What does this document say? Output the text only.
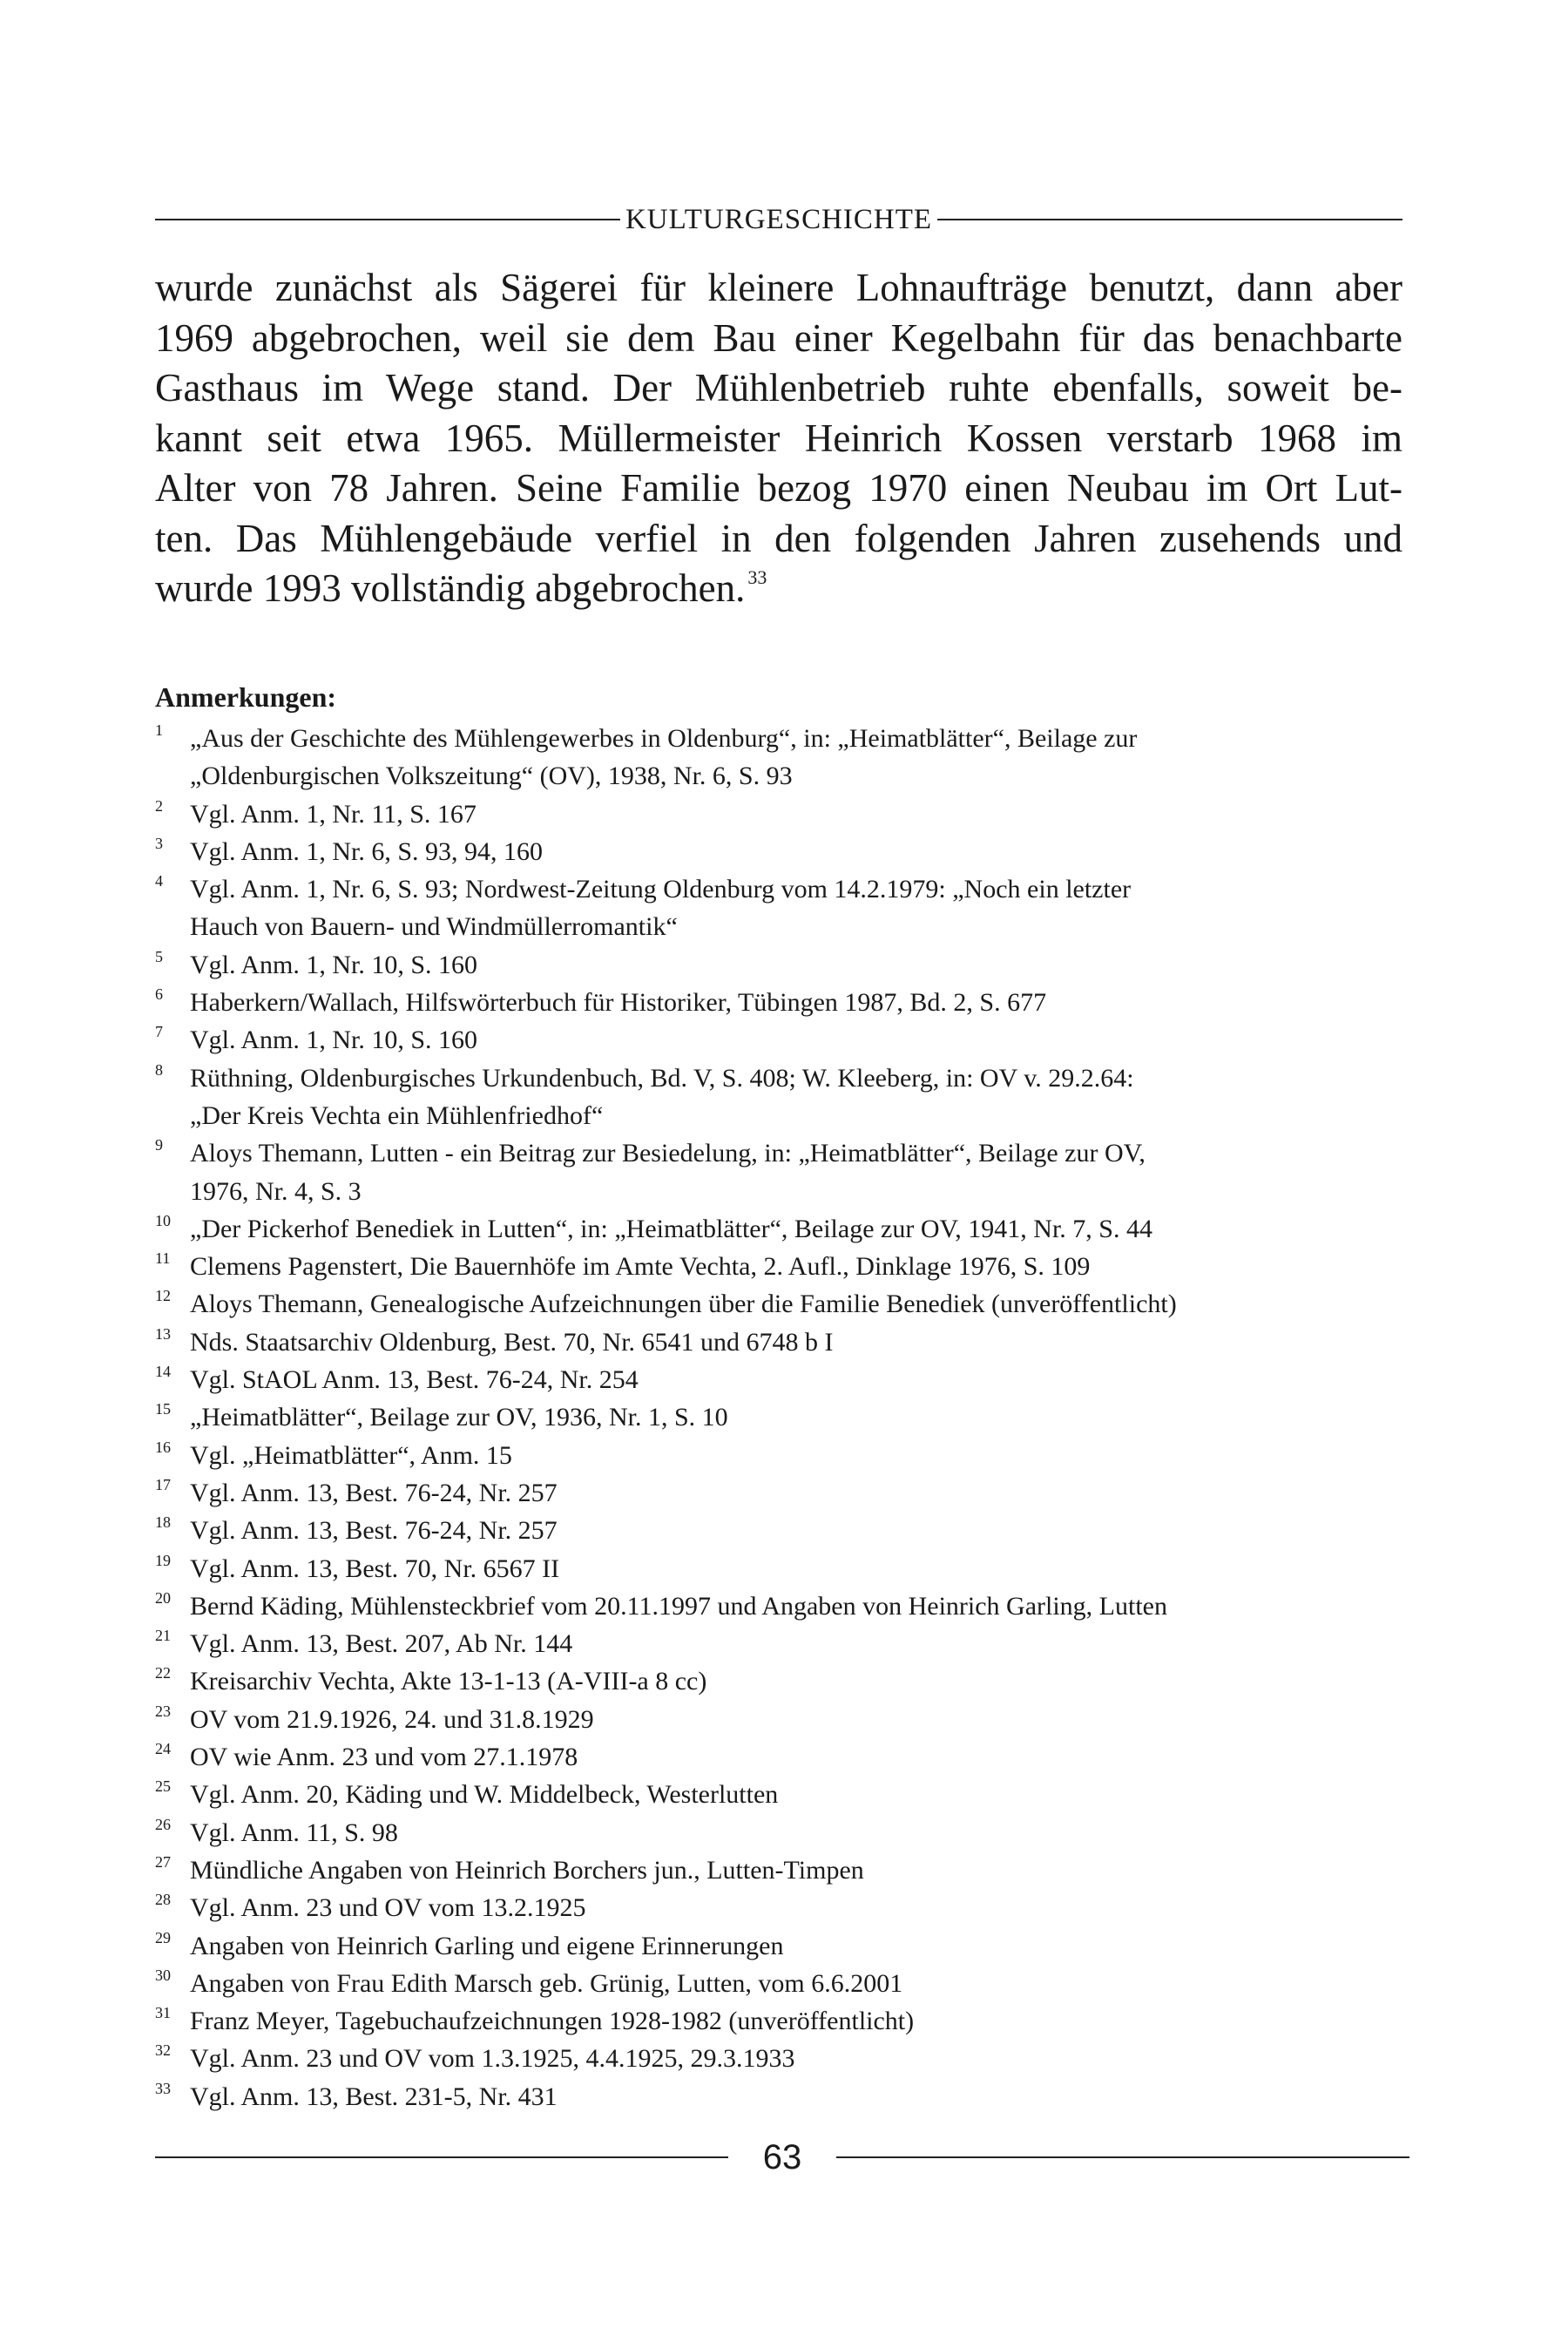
KULTURGESCHICHTE
wurde zunächst als Sägerei für kleinere Lohnaufträge benutzt, dann aber
1969 abgebrochen, weil sie dem Bau einer Kegelbahn für das benachbarte
Gasthaus im Wege stand. Der Mühlenbetrieb ruhte ebenfalls, soweit be-
kannt seit etwa 1965. Müllermeister Heinrich Kossen verstarb 1968 im
Alter von 78 Jahren. Seine Familie bezog 1970 einen Neubau im Ort Lut-
ten. Das Mühlengebäude verfiel in den folgenden Jahren zusehends und
wurde 1993 vollständig abgebrochen. $^{33}$
Anmerkungen:
1	„Aus der Geschichte des Mühlengewerbes in Oldenburg“, in: „Heimatblätter“, Beilage zur
„Oldenburgischen Volkszeitung“ (OV), 1938, Nr. 6, S. 93
2	Vgl. Anm. 1, Nr. 11, S. 167
3	Vgl. Anm. 1, Nr. 6, S. 93, 94, 160
4	Vgl. Anm. 1, Nr. 6, S. 93; Nordwest-Zeitung Oldenburg vom 14.2.1979: „Noch ein letzter
Hauch von Bauern- und Windmüllerromantik“
5	Vgl. Anm. 1, Nr. 10, S. 160
6	Haberkern/Wallach, Hilfswörterbuch für Historiker, Tübingen 1987, Bd. 2, S. 677
7	Vgl. Anm. 1, Nr. 10, S. 160
8	Rüthning, Oldenburgisches Urkundenbuch, Bd. V, S. 408; W. Kleeberg, in: OV v. 29.2.64:
„Der Kreis Vechta ein Mühlenfriedhof“
9	Aloys Themann, Lutten - ein Beitrag zur Besiedelung, in: „Heimatblätter“, Beilage zur OV,
1976, Nr. 4, S. 3
10 „Der Pickerhof Benediek in Lutten“, in: „Heimatblätter“, Beilage zur OV, 1941, Nr. 7, S. 44
11 Clemens Pagenstert, Die Bauernhöfe im Amte Vechta, 2. Aufl., Dinklage 1976, S. 109
12 Aloys Themann, Genealogische Aufzeichnungen über die Familie Benediek (unveröffentlicht)
13 Nds. Staatsarchiv Oldenburg, Best. 70, Nr. 6541 und 6748 b I
14 Vgl. StAOL Anm. 13, Best. 76-24, Nr. 254
15 „Heimatblätter“, Beilage zur OV, 1936, Nr. 1, S. 10
16 Vgl. „Heimatblätter“, Anm. 15
17 Vgl. Anm. 13, Best. 76-24, Nr. 257
18 Vgl. Anm. 13, Best. 76-24, Nr. 257
19 Vgl. Anm. 13, Best. 70, Nr. 6567 II
20 Bernd Käding, Mühlensteckbrief vom 20.11.1997 und Angaben von Heinrich Garling, Lutten
21 Vgl. Anm. 13, Best. 207, Ab Nr. 144
22 Kreisarchiv Vechta, Akte 13-1-13 (A-VIII-a 8 cc)
23 OV vom 21.9.1926, 24. und 31.8.1929
24 OV wie Anm. 23 und vom 27.1.1978
25 Vgl. Anm. 20, Käding und W. Middelbeck, Westerlutten
26 Vgl. Anm. 11, S. 98
27 Mündliche Angaben von Heinrich Borchers jun., Lutten-Timpen
28 Vgl. Anm. 23 und OV vom 13.2.1925
29 Angaben von Heinrich Garling und eigene Erinnerungen
30 Angaben von Frau Edith Marsch geb. Grünig, Lutten, vom 6.6.2001
31 Franz Meyer, Tagebuchaufzeichnungen 1928-1982 (unveröffentlicht)
32 Vgl. Anm. 23 und OV vom 1.3.1925, 4.4.1925, 29.3.1933
33 Vgl. Anm. 13, Best. 231-5, Nr. 431
63
